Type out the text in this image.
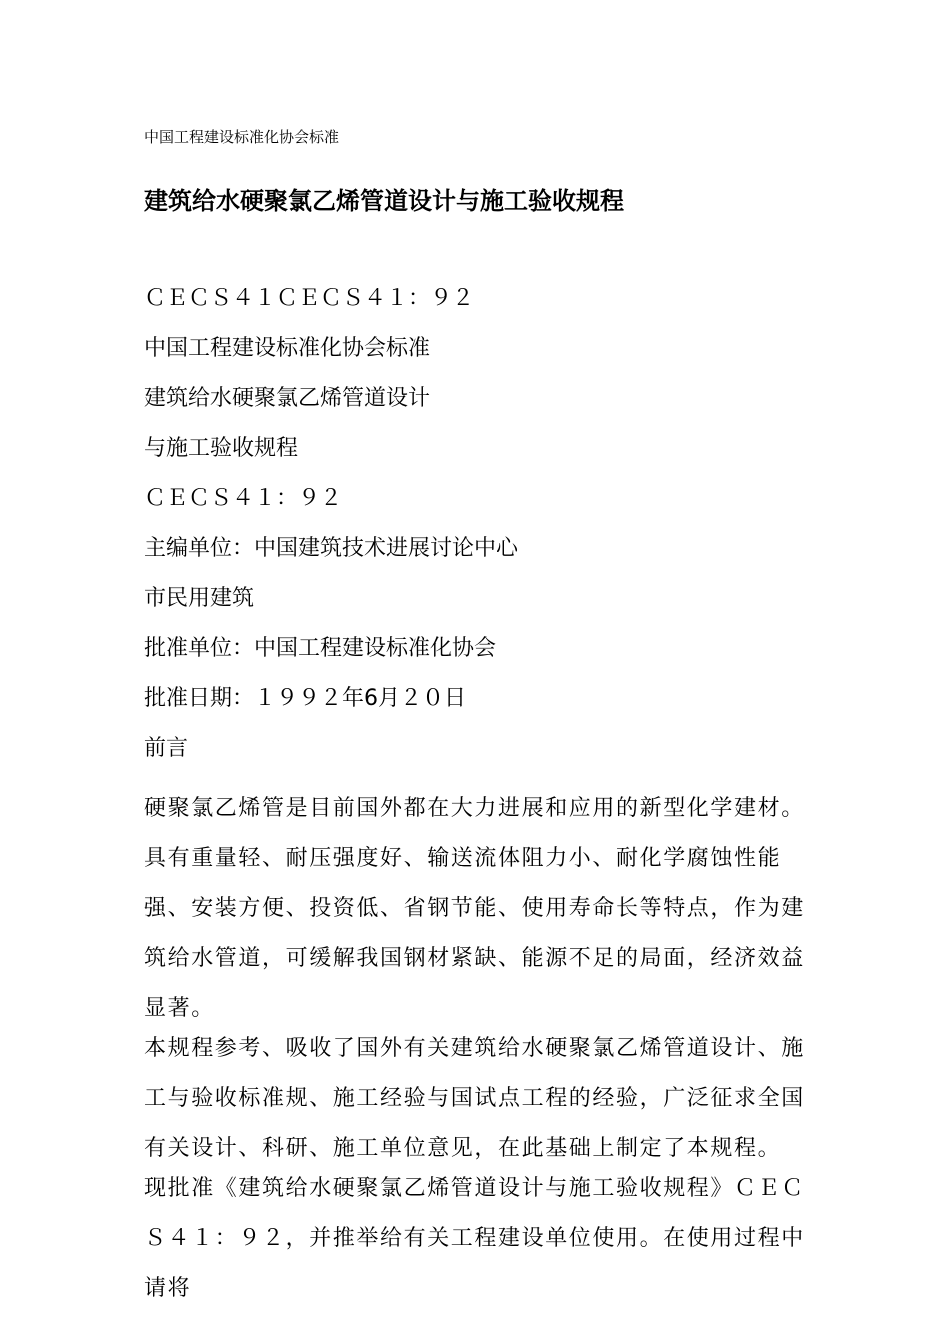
中国工程建设标准化协会标准
建筑给水硬聚氯乙烯管道设计与施工验收规程
ＣＥＣＳ４１ＣＥＣＳ４１：９２
中国工程建设标准化协会标准
建筑给水硬聚氯乙烯管道设计
与施工验收规程
ＣＥＣＳ４１：９２
主编单位：中国建筑技术进展讨论中心
市民用建筑
批准单位：中国工程建设标准化协会
批准日期：１９９２年6月２０日
前言

硬聚氯乙烯管是目前国外都在大力进展和应用的新型化学建材。具有重量轻、耐压强度好、输送流体阻力小、耐化学腐蚀性能强、安装方便、投资低、省钢节能、使用寿命长等特点，作为建筑给水管道，可缓解我国钢材紧缺、能源不足的局面，经济效益显著。

本规程参考、吸收了国外有关建筑给水硬聚氯乙烯管道设计、施工与验收标准规、施工经验与国试点工程的经验，广泛征求全国有关设计、科研、施工单位意见，在此基础上制定了本规程。

现批准《建筑给水硬聚氯乙烯管道设计与施工验收规程》ＣＥＣＳ４１：９２，并推举给有关工程建设单位使用。在使用过程中请将
